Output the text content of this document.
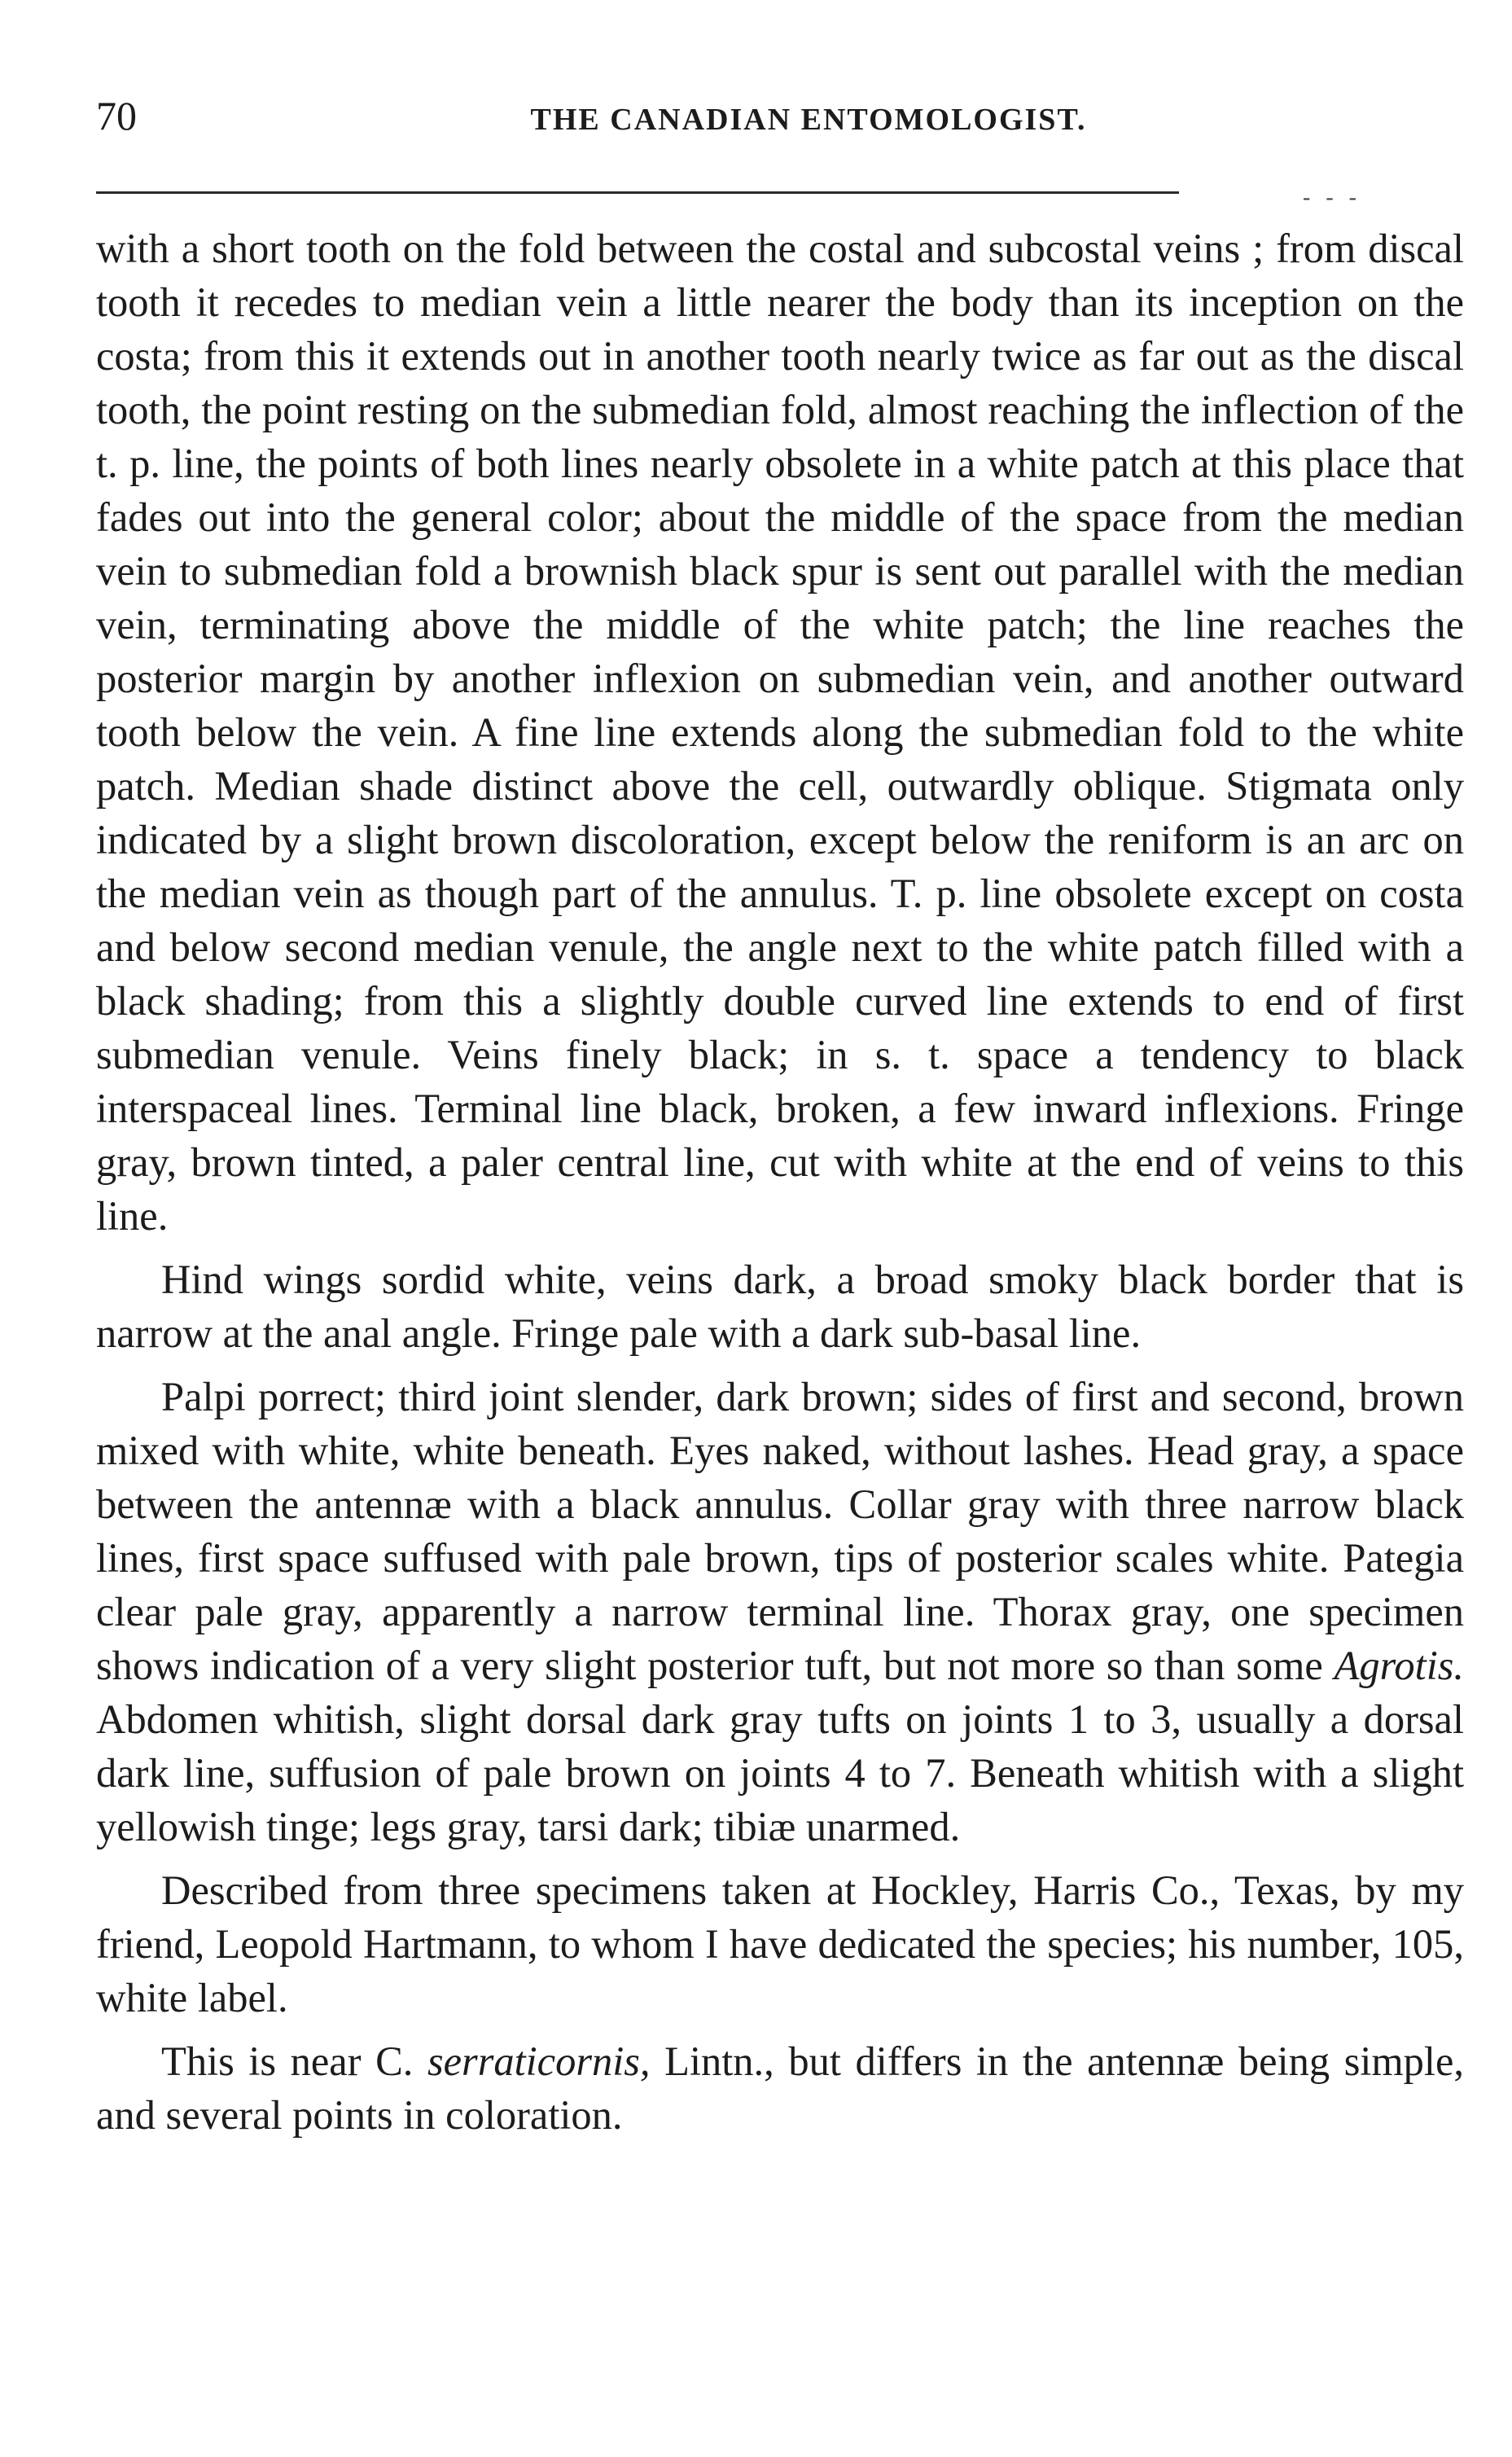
70	THE CANADIAN ENTOMOLOGIST.
- - -

with a short tooth on the fold between the costal and subcostal veins ; from discal tooth it recedes to median vein a little nearer the body than its inception on the costa; from this it extends out in another tooth nearly twice as far out as the discal tooth, the point resting on the submedian fold, almost reaching the inflection of the t. p. line, the points of both lines nearly obsolete in a white patch at this place that fades out into the general color; about the middle of the space from the median vein to submedian fold a brownish black spur is sent out parallel with the median vein, terminating above the middle of the white patch; the line reaches the posterior margin by another inflexion on submedian vein, and another outward tooth below the vein. A fine line extends along the submedian fold to the white patch. Median shade distinct above the cell, outwardly oblique. Stigmata only indicated by a slight brown discoloration, except below the reniform is an arc on the median vein as though part of the annulus. T. p. line obsolete except on costa and below second median venule, the angle next to the white patch filled with a black shading; from this a slightly double curved line extends to end of first submedian venule. Veins finely black; in s. t. space a tendency to black interspaceal lines. Terminal line black, broken, a few inward inflexions. Fringe gray, brown tinted, a paler central line, cut with white at the end of veins to this line.

Hind wings sordid white, veins dark, a broad smoky black border that is narrow at the anal angle. Fringe pale with a dark sub-basal line.

Palpi porrect; third joint slender, dark brown; sides of first and second, brown mixed with white, white beneath. Eyes naked, without lashes. Head gray, a space between the antennæ with a black annulus. Collar gray with three narrow black lines, first space suffused with pale brown, tips of posterior scales white. Pategia clear pale gray, apparently a narrow terminal line. Thorax gray, one specimen shows indication of a very slight posterior tuft, but not more so than some Agrotis. Abdomen whitish, slight dorsal dark gray tufts on joints 1 to 3, usually a dorsal dark line, suffusion of pale brown on joints 4 to 7. Beneath whitish with a slight yellowish tinge; legs gray, tarsi dark; tibiæ unarmed.

Described from three specimens taken at Hockley, Harris Co., Texas, by my friend, Leopold Hartmann, to whom I have dedicated the species; his number, 105, white label.

This is near C. serraticornis, Lintn., but differs in the antennæ being simple, and several points in coloration.
